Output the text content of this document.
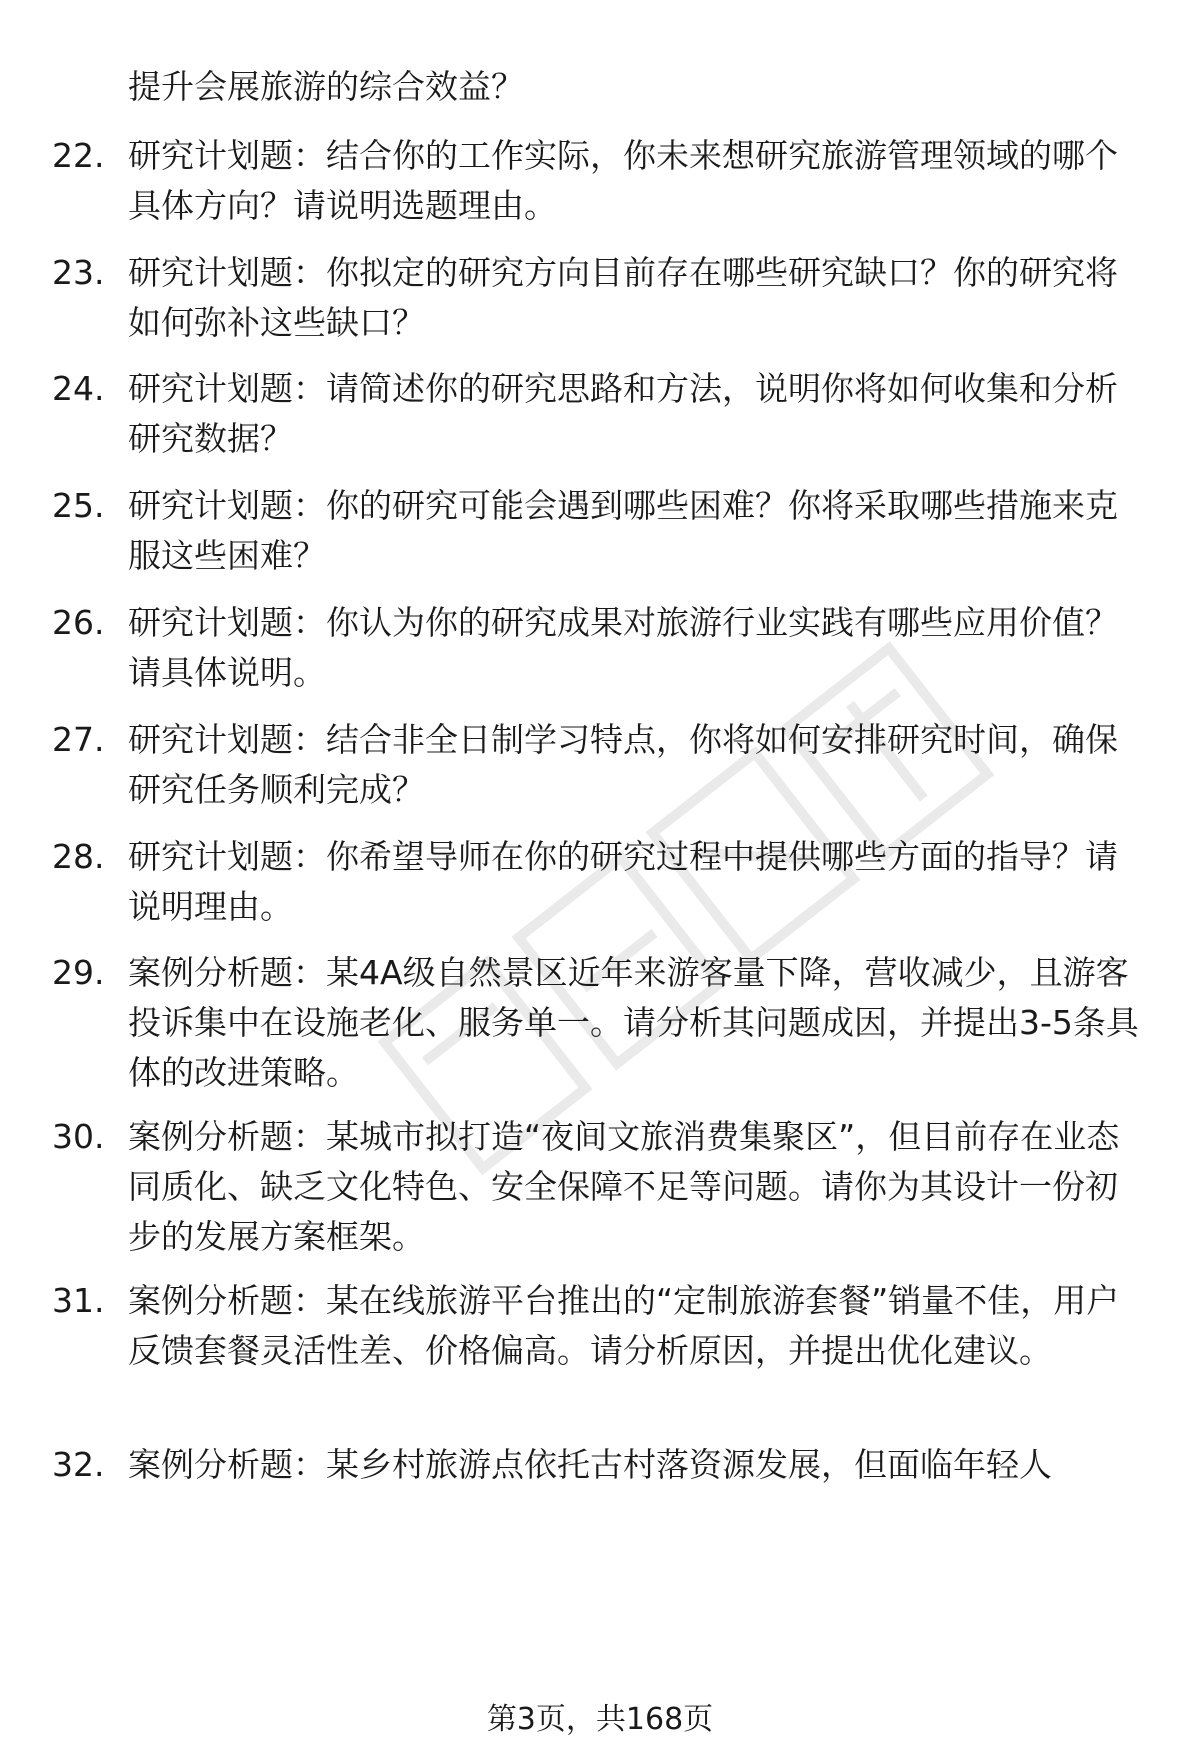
提升会展旅游的综合效益？

22. 研究计划题：结合你的工作实际，你未来想研究旅游管理领域的哪个具体方向？请说明选题理由。

23. 研究计划题：你拟定的研究方向目前存在哪些研究缺口？你的研究将如何弥补这些缺口？

24. 研究计划题：请简述你的研究思路和方法，说明你将如何收集和分析研究数据？

25. 研究计划题：你的研究可能会遇到哪些困难？你将采取哪些措施来克服这些困难？

26. 研究计划题：你认为你的研究成果对旅游行业实践有哪些应用价值？请具体说明。

27. 研究计划题：结合非全日制学习特点，你将如何安排研究时间，确保研究任务顺利完成？

28. 研究计划题：你希望导师在你的研究过程中提供哪些方面的指导？请说明理由。

29. 案例分析题：某4A级自然景区近年来游客量下降，营收减少，且游客投诉集中在设施老化、服务单一。请分析其问题成因，并提出3-5条具体的改进策略。

30. 案例分析题：某城市拟打造“夜间文旅消费集聚区”，但目前存在业态同质化、缺乏文化特色、安全保障不足等问题。请你为其设计一份初步的发展方案框架。

31. 案例分析题：某在线旅游平台推出的“定制旅游套餐”销量不佳，用户反馈套餐灵活性差、价格偏高。请分析原因，并提出优化建议。

32. 案例分析题：某乡村旅游点依托古村落资源发展，但面临年轻人

第3页，共168页
